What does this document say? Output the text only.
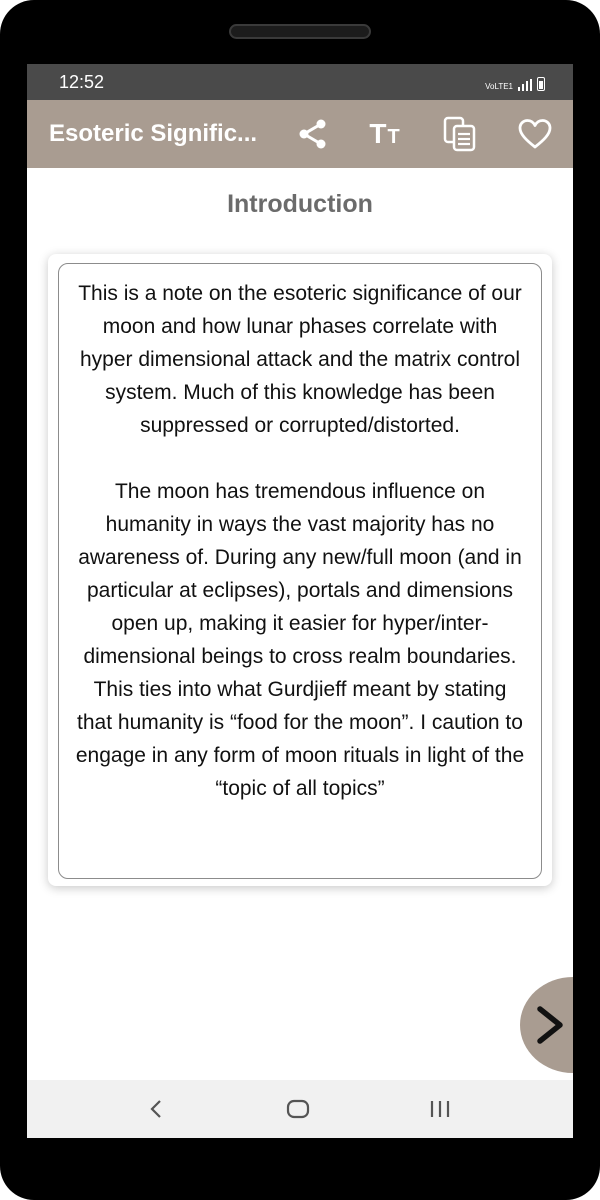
12:52	VoLTE1
Esoteric Signific...	TT
Introduction

This is a note on the esoteric significance of our moon and how lunar phases correlate with hyper dimensional attack and the matrix control system. Much of this knowledge has been suppressed or corrupted/distorted.

The moon has tremendous influence on humanity in ways the vast majority has no awareness of. During any new/full moon (and in particular at eclipses), portals and dimensions open up, making it easier for hyper/inter-dimensional beings to cross realm boundaries. This ties into what Gurdjieff meant by stating that humanity is “food for the moon”. I caution to engage in any form of moon rituals in light of the “topic of all topics”
